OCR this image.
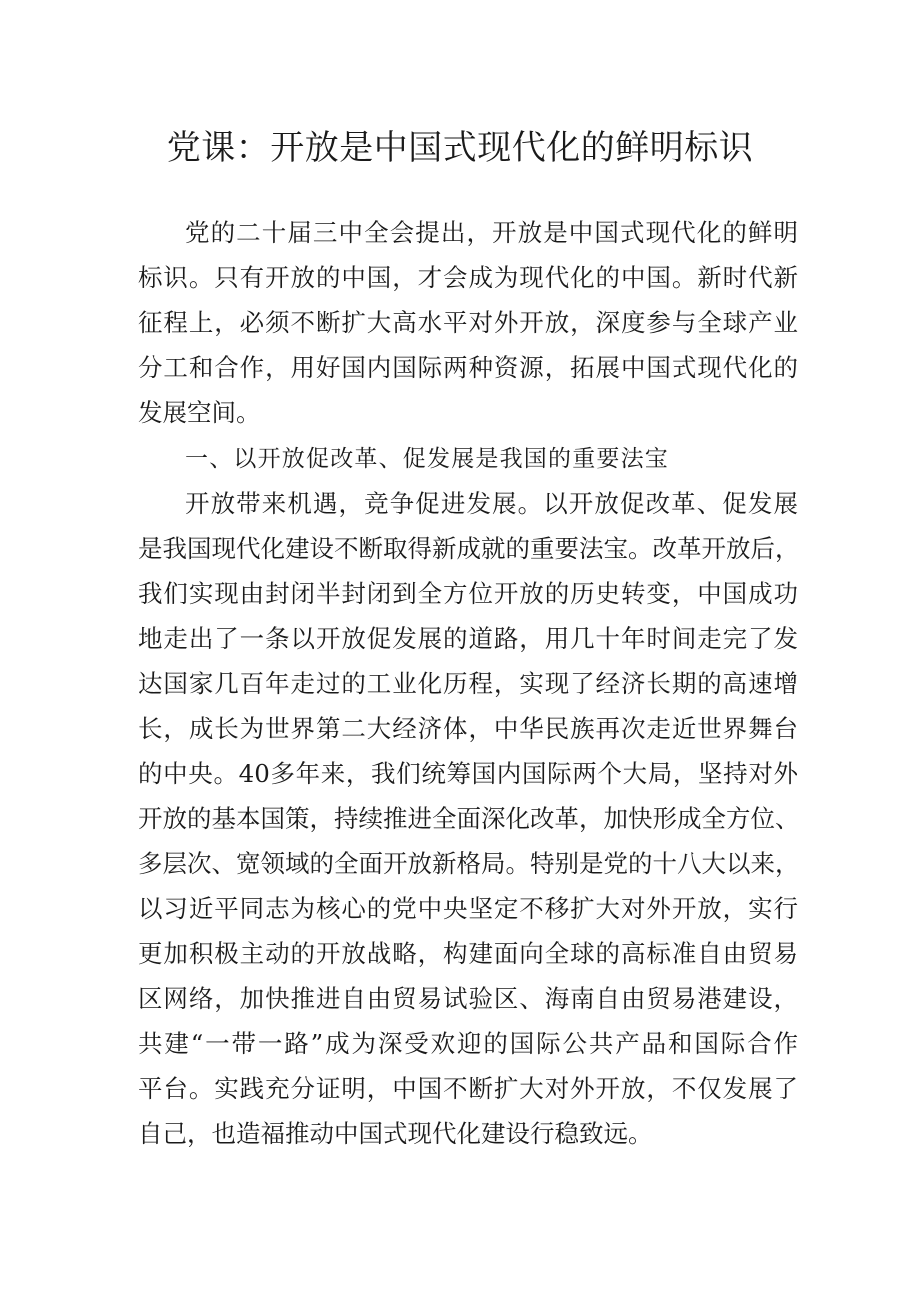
党课：开放是中国式现代化的鲜明标识

党的二十届三中全会提出，开放是中国式现代化的鲜明

标识。只有开放的中国，才会成为现代化的中国。新时代新

征程上，必须不断扩大高水平对外开放，深度参与全球产业

分工和合作，用好国内国际两种资源，拓展中国式现代化的

发展空间。

一、以开放促改革、促发展是我国的重要法宝

开放带来机遇，竞争促进发展。以开放促改革、促发展

是我国现代化建设不断取得新成就的重要法宝。改革开放后，

我们实现由封闭半封闭到全方位开放的历史转变，中国成功

地走出了一条以开放促发展的道路，用几十年时间走完了发

达国家几百年走过的工业化历程，实现了经济长期的高速增

长，成长为世界第二大经济体，中华民族再次走近世界舞台

的中央。40多年来，我们统筹国内国际两个大局，坚持对外

开放的基本国策，持续推进全面深化改革，加快形成全方位、

多层次、宽领域的全面开放新格局。特别是党的十八大以来，

以习近平同志为核心的党中央坚定不移扩大对外开放，实行

更加积极主动的开放战略，构建面向全球的高标准自由贸易

区网络，加快推进自由贸易试验区、海南自由贸易港建设，

共建“一带一路”成为深受欢迎的国际公共产品和国际合作

平台。实践充分证明，中国不断扩大对外开放，不仅发展了

自己，也造福推动中国式现代化建设行稳致远。
